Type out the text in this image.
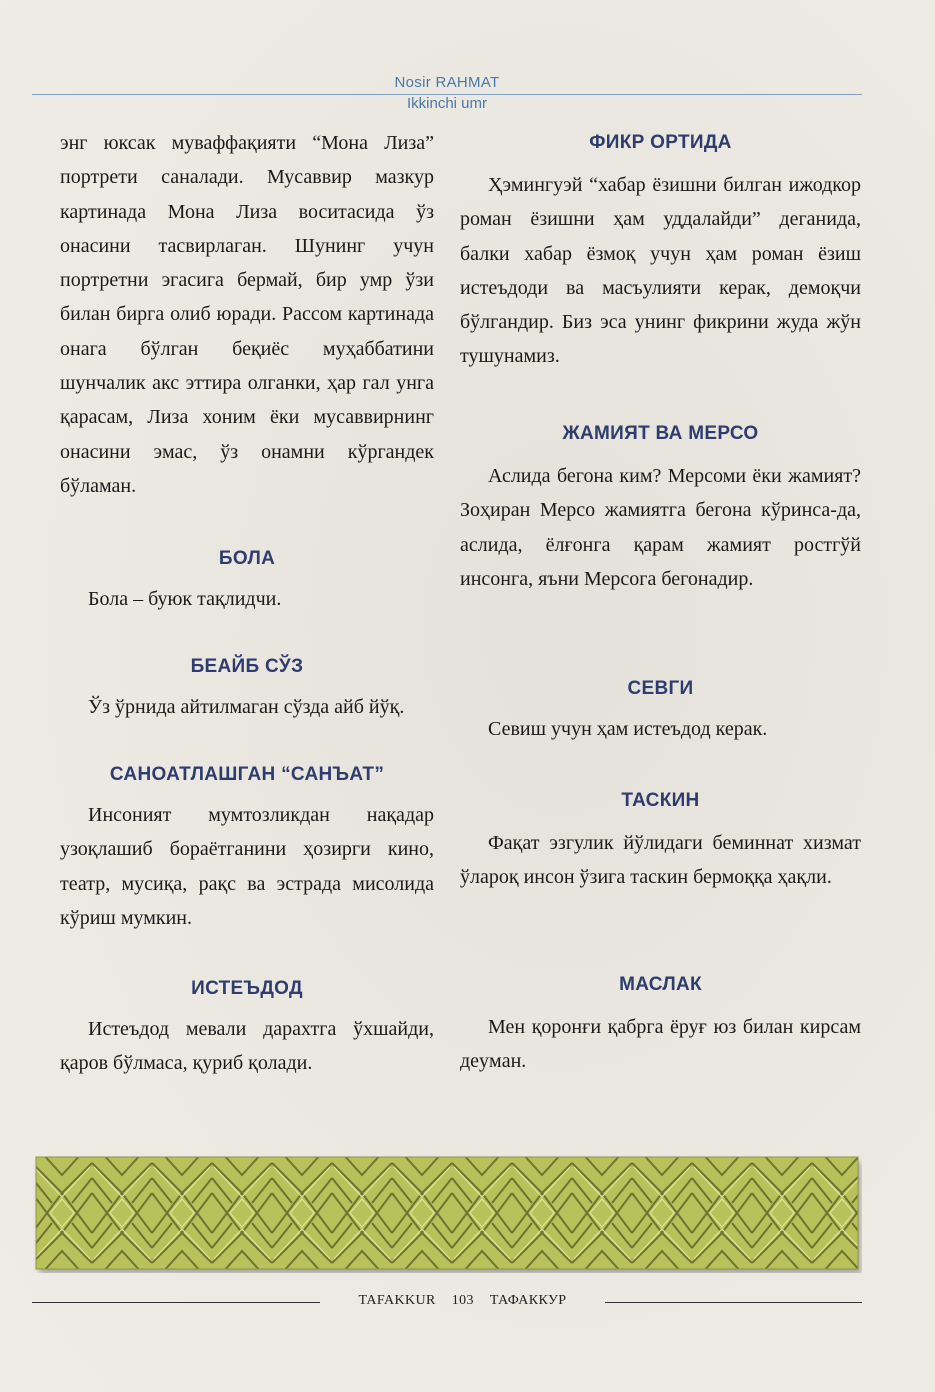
Nosir RAHMAT
Ikkinchi umr

энг юксак муваффақияти “Мона Лиза” портрети саналади. Мусаввир мазкур картинада Мона Лиза воситасида ўз онасини тасвирлаган. Шунинг учун портретни эгасига бермай, бир умр ўзи билан бирга олиб юради. Рассом картинада онага бўлган беқиёс муҳаббатини шунчалик акс эттира олганки, ҳар гал унга қарасам, Лиза хоним ёки мусаввирнинг онасини эмас, ўз онамни кўргандек бўламан.

БОЛА

Бола – буюк тақлидчи.

БЕАЙБ СЎЗ

Ўз ўрнида айтилмаган сўзда айб йўқ.

САНОАТЛАШГАН “САНЪАТ”

Инсоният мумтозликдан нақадар узоқлашиб бораётганини ҳозирги кино, театр, мусиқа, рақс ва эстрада мисолида кўриш мумкин.

ИСТЕЪДОД

Истеъдод мевали дарахтга ўхшайди, қаров бўлмаса, қуриб қолади.

ФИКР ОРТИДА

Ҳэмингуэй “хабар ёзишни билган ижодкор роман ёзишни ҳам уддалайди” деганида, балки хабар ёзмоқ учун ҳам роман ёзиш истеъдоди ва масъулияти керак, демоқчи бўлгандир. Биз эса унинг фикрини жуда жўн тушунамиз.

ЖАМИЯТ ВА МЕРСО

Аслида бегона ким? Мерсоми ёки жамият? Зоҳиран Мерсо жамиятга бегона кўринса-да, аслида, ёлғонга қарам жамият ростгўй инсонга, яъни Мерсога бегонадир.

СЕВГИ

Севиш учун ҳам истеъдод керак.

ТАСКИН

Фақат эзгулик йўлидаги беминнат хизмат ўлароқ инсон ўзига таскин бермоққа ҳақли.

МАСЛАК

Мен қоронғи қабрга ёруғ юз билан кирсам деyмaн.

TAFAKKUR 103 ТАФАККУР
